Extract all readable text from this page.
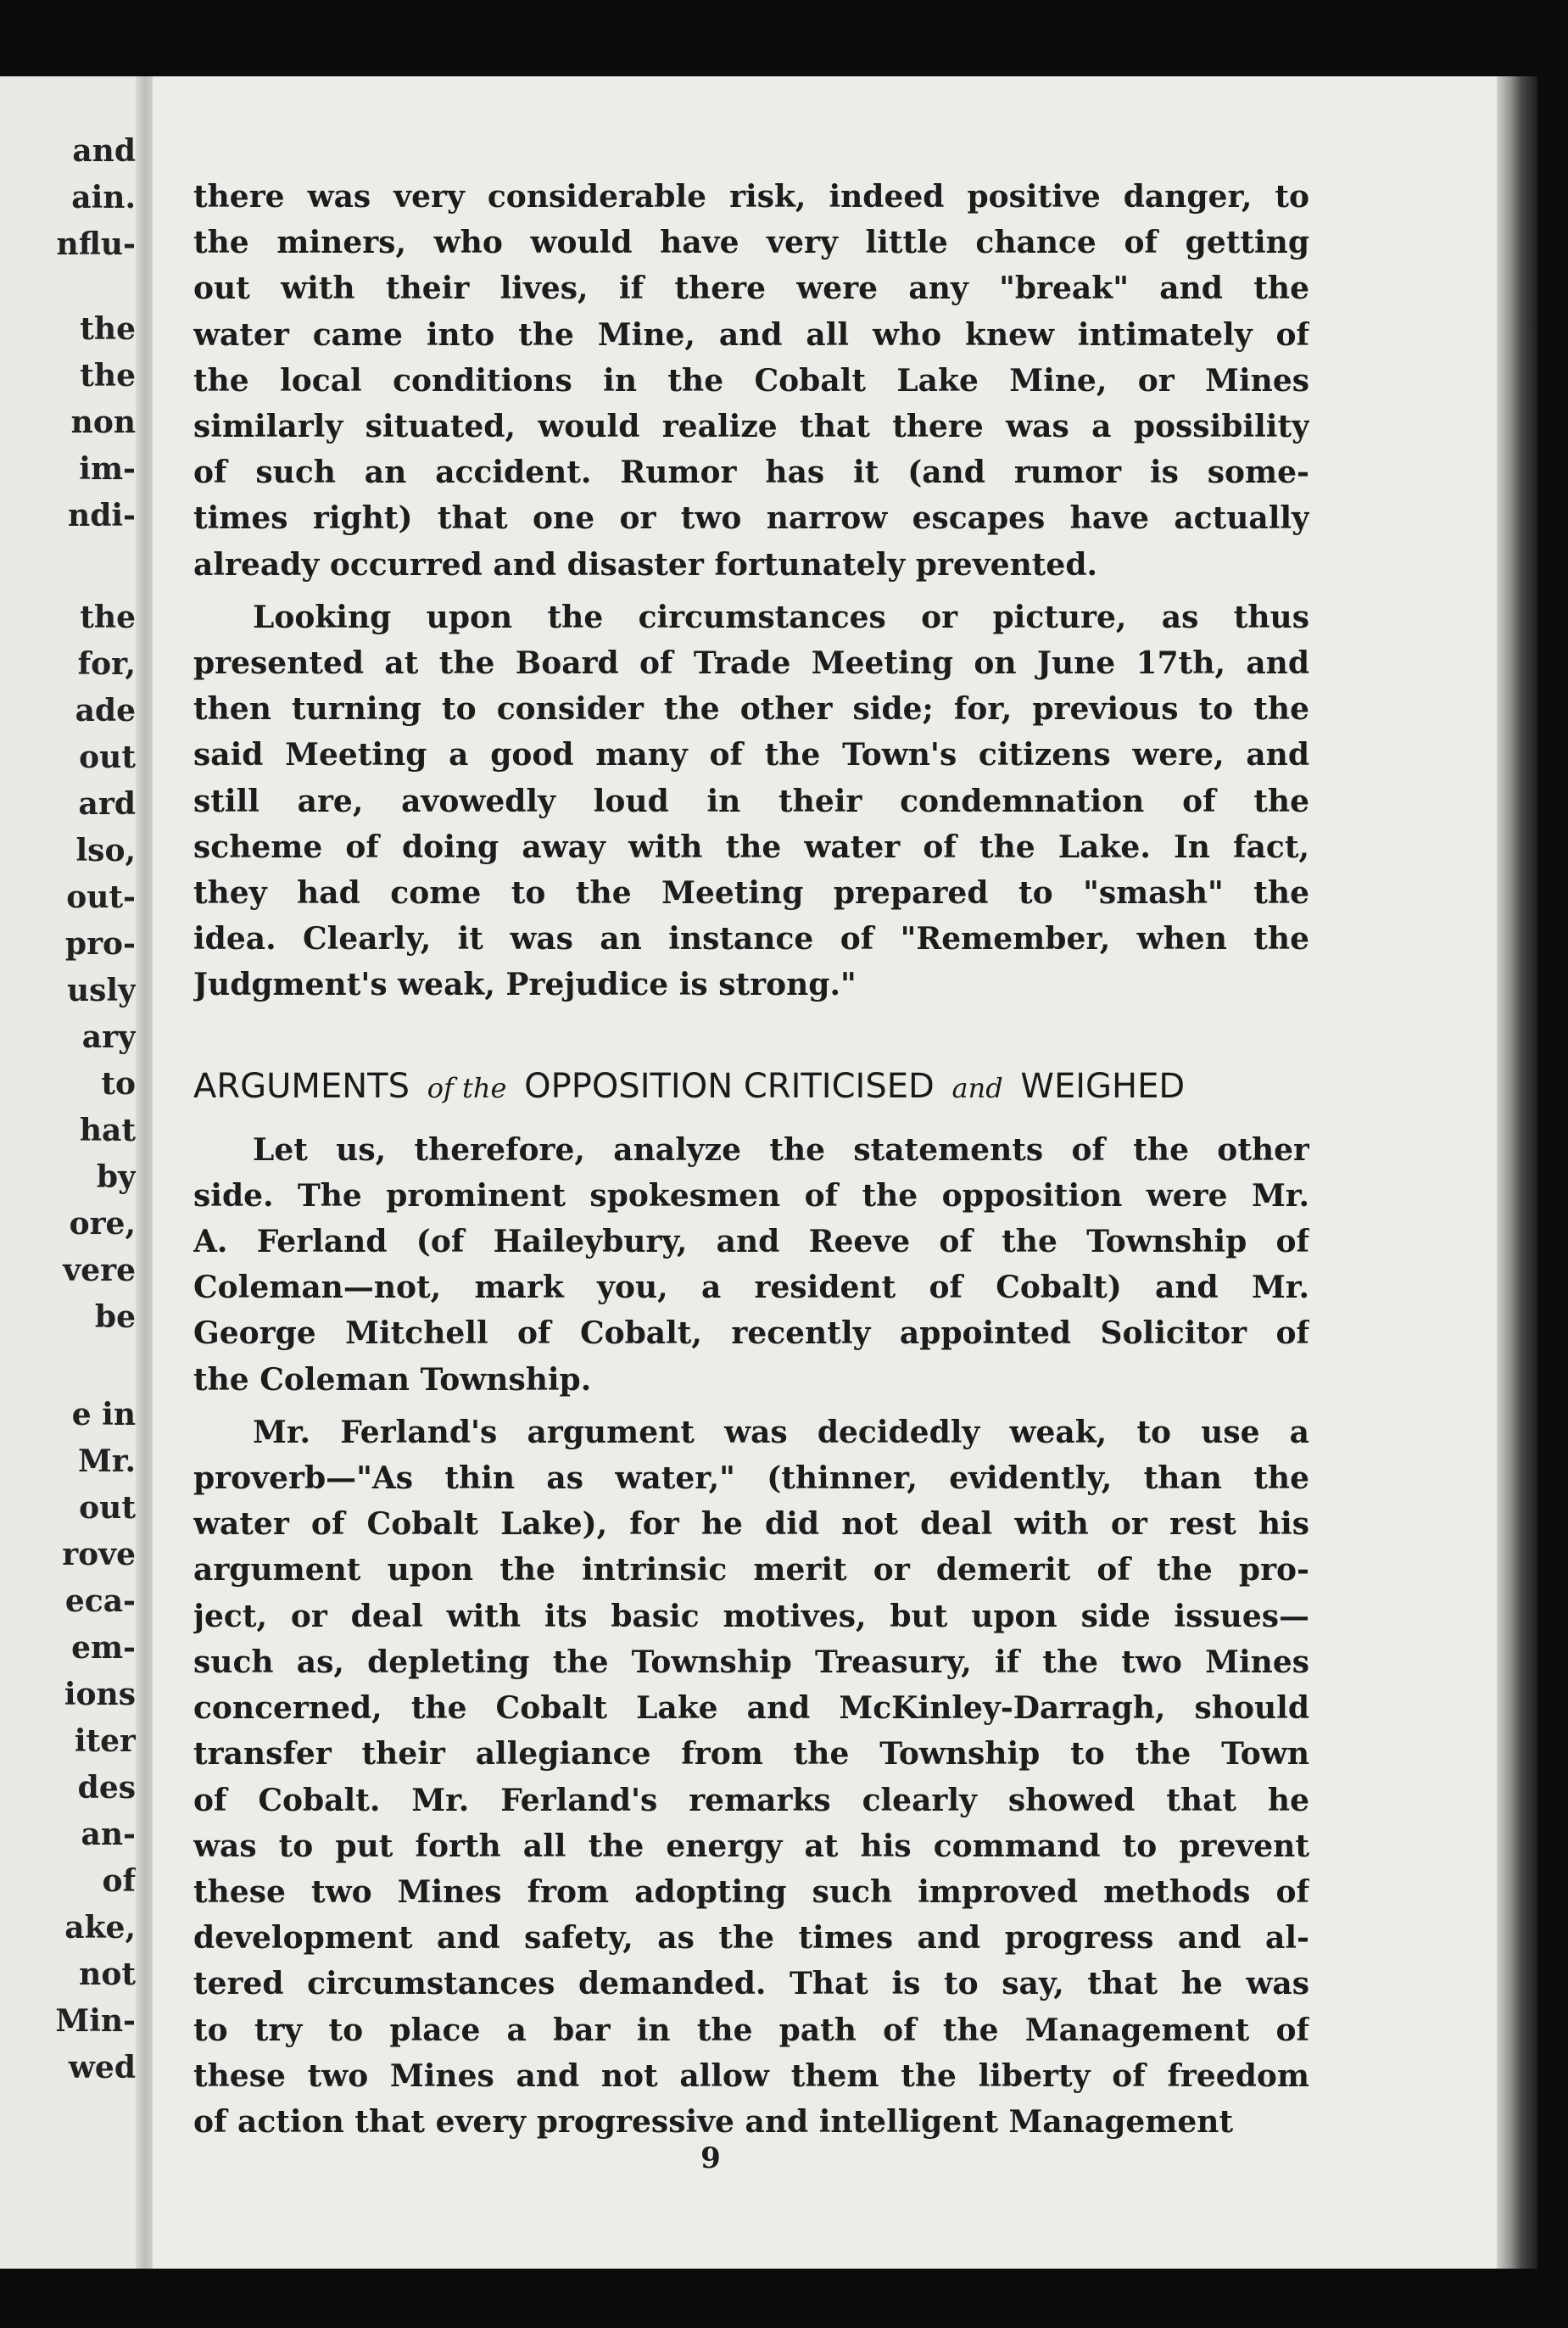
and
ain.
nflu-
the
the
non
im-
ndi-
the
for,
ade
out
ard
lso,
out-
pro-
usly
ary
to
hat
by
ore,
vere
be
e in
Mr.
out
rove
eca-
em-
ions
iter
des
an-
of
ake,
not
Min-
wed
there was very considerable risk, indeed positive danger, to
the miners, who would have very little chance of getting
out with their lives, if there were any "break" and the
water came into the Mine, and all who knew intimately of
the local conditions in the Cobalt Lake Mine, or Mines
similarly situated, would realize that there was a possibility
of such an accident. Rumor has it (and rumor is some-
times right) that one or two narrow escapes have actually
already occurred and disaster fortunately prevented.
Looking upon the circumstances or picture, as thus
presented at the Board of Trade Meeting on June 17th, and
then turning to consider the other side; for, previous to the
said Meeting a good many of the Town's citizens were, and
still are, avowedly loud in their condemnation of the
scheme of doing away with the water of the Lake. In fact,
they had come to the Meeting prepared to "smash" the
idea. Clearly, it was an instance of "Remember, when the
Judgment's weak, Prejudice is strong."
ARGUMENTS of the OPPOSITION CRITICISED and WEIGHED
Let us, therefore, analyze the statements of the other
side. The prominent spokesmen of the opposition were Mr.
A. Ferland (of Haileybury, and Reeve of the Township of
Coleman—not, mark you, a resident of Cobalt) and Mr.
George Mitchell of Cobalt, recently appointed Solicitor of
the Coleman Township.
Mr. Ferland's argument was decidedly weak, to use a
proverb—"As thin as water," (thinner, evidently, than the
water of Cobalt Lake), for he did not deal with or rest his
argument upon the intrinsic merit or demerit of the pro-
ject, or deal with its basic motives, but upon side issues—
such as, depleting the Township Treasury, if the two Mines
concerned, the Cobalt Lake and McKinley-Darragh, should
transfer their allegiance from the Township to the Town
of Cobalt. Mr. Ferland's remarks clearly showed that he
was to put forth all the energy at his command to prevent
these two Mines from adopting such improved methods of
development and safety, as the times and progress and al-
tered circumstances demanded. That is to say, that he was
to try to place a bar in the path of the Management of
these two Mines and not allow them the liberty of freedom
of action that every progressive and intelligent Management
9
